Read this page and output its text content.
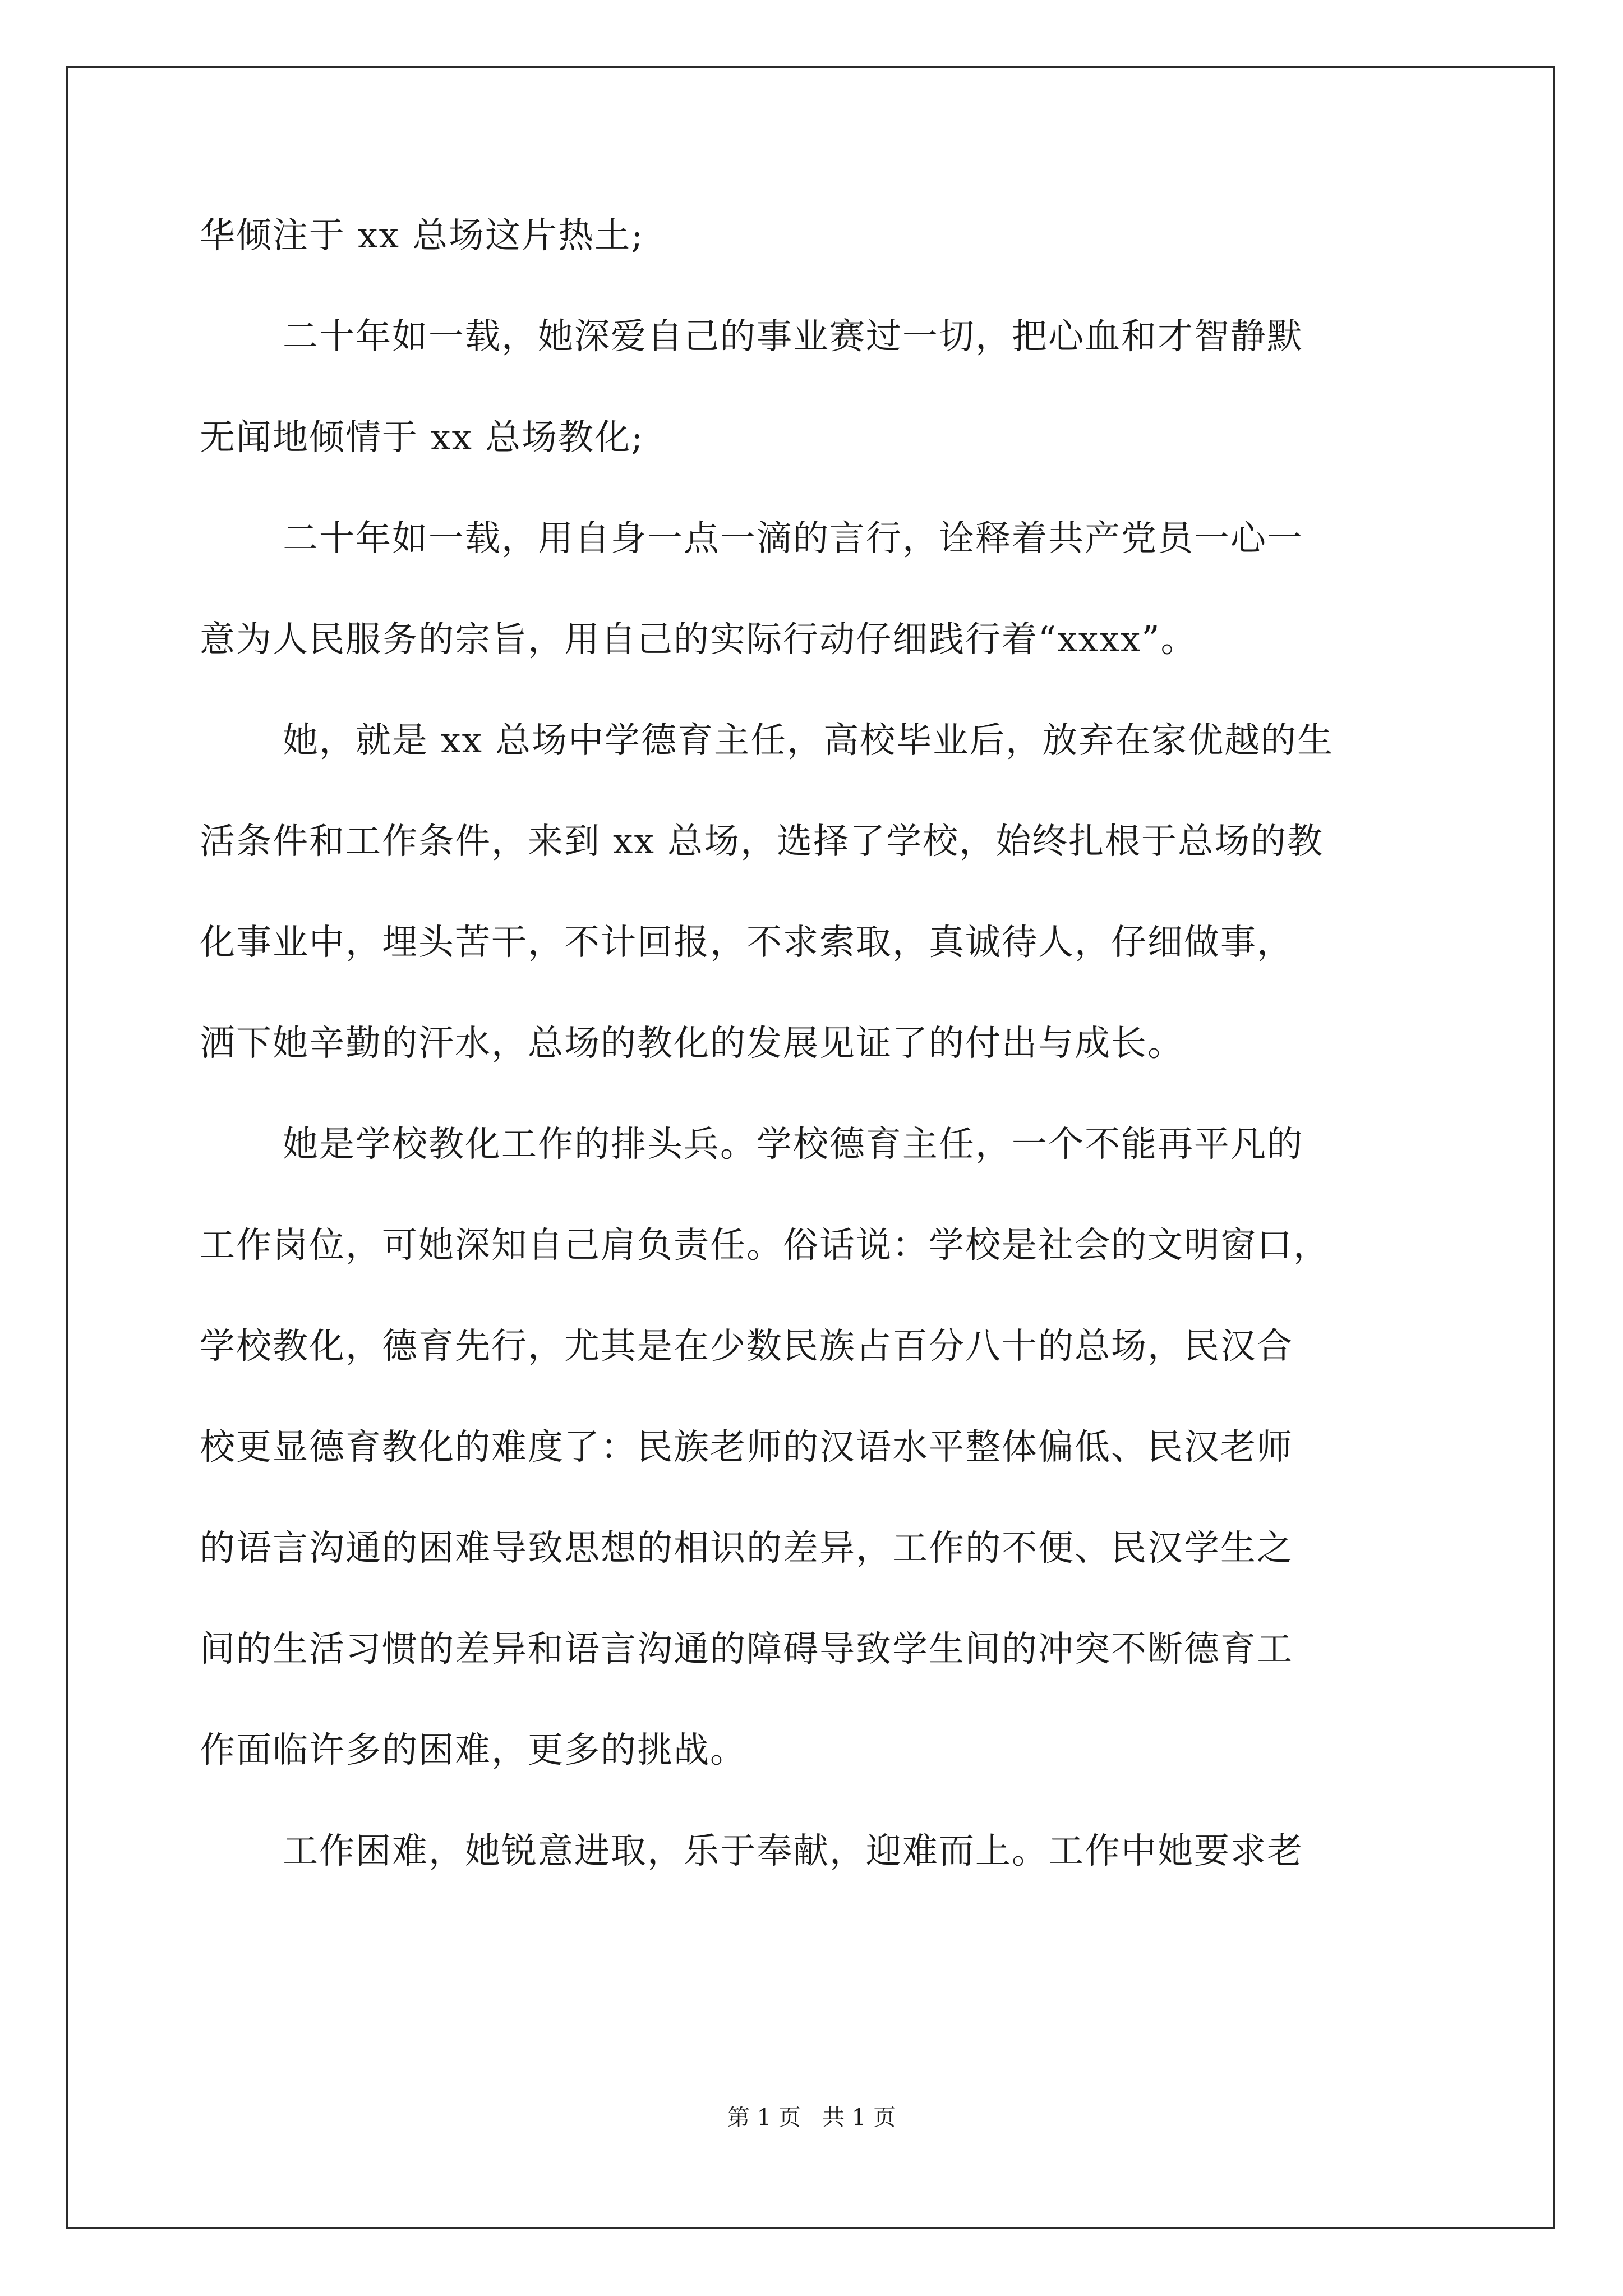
华倾注于 xx 总场这片热土;
二十年如一载，她深爱自己的事业赛过一切，把心血和才智静默
无闻地倾情于 xx 总场教化;
二十年如一载，用自身一点一滴的言行，诠释着共产党员一心一
意为人民服务的宗旨，用自己的实际行动仔细践行着“xxxx”。
她，就是 xx 总场中学德育主任，高校毕业后，放弃在家优越的生
活条件和工作条件，来到 xx 总场，选择了学校，始终扎根于总场的教
化事业中，埋头苦干，不计回报，不求索取，真诚待人，仔细做事，
洒下她辛勤的汗水，总场的教化的发展见证了的付出与成长。
她是学校教化工作的排头兵。学校德育主任，一个不能再平凡的
工作岗位，可她深知自己肩负责任。俗话说：学校是社会的文明窗口，
学校教化，德育先行，尤其是在少数民族占百分八十的总场，民汉合
校更显德育教化的难度了：民族老师的汉语水平整体偏低、民汉老师
的语言沟通的困难导致思想的相识的差异，工作的不便、民汉学生之
间的生活习惯的差异和语言沟通的障碍导致学生间的冲突不断德育工
作面临许多的困难，更多的挑战。
工作困难，她锐意进取，乐于奉献，迎难而上。工作中她要求老
第 1 页   共 1 页
